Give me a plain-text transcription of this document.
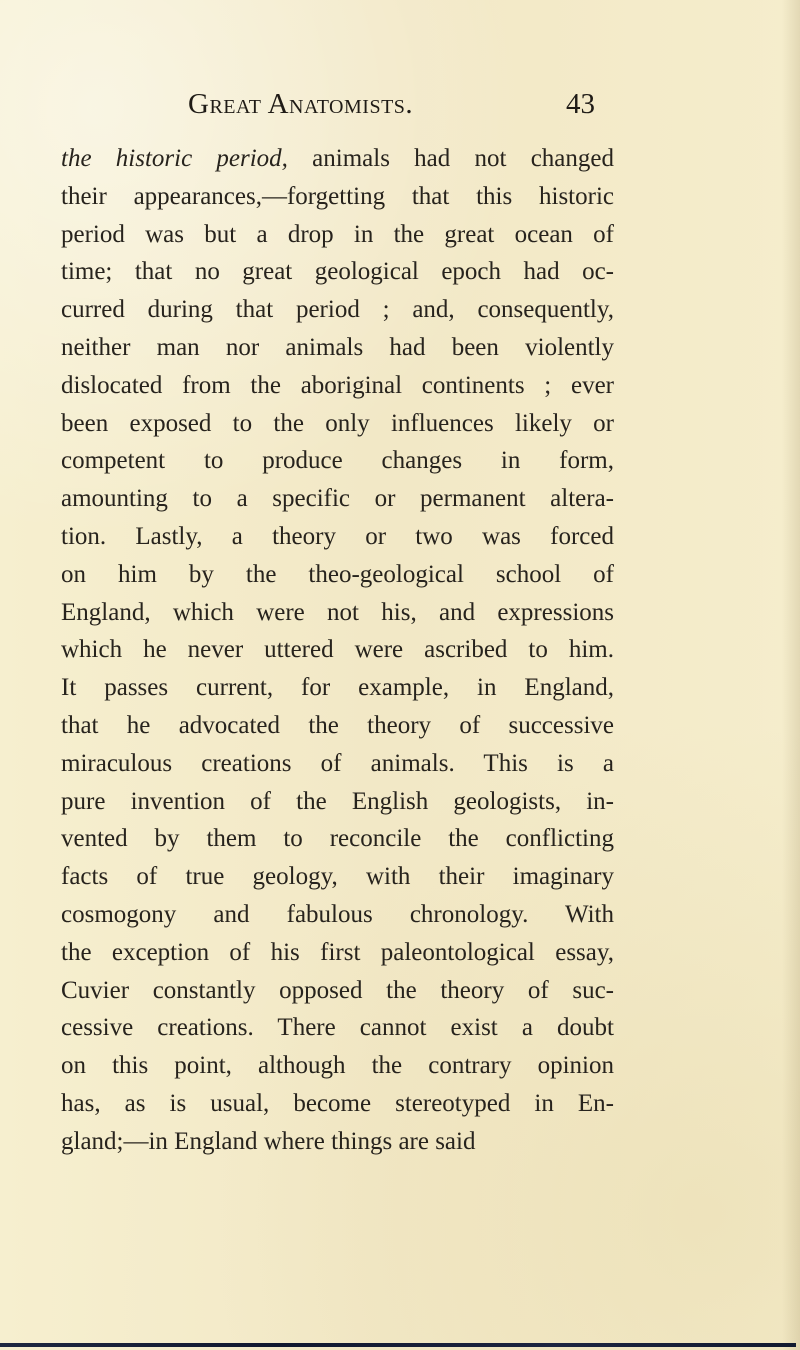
Great Anatomists.	43
the historic period, animals had not changed
their appearances,—forgetting that this historic
period was but a drop in the great ocean of
time; that no great geological epoch had oc-
curred during that period ; and, consequently,
neither man nor animals had been violently
dislocated from the aboriginal continents ; ever
been exposed to the only influences likely or
competent to produce changes in form,
amounting to a specific or permanent altera-
tion. Lastly, a theory or two was forced
on him by the theo-geological school of
England, which were not his, and expressions
which he never uttered were ascribed to him.
It passes current, for example, in England,
that he advocated the theory of successive
miraculous creations of animals. This is a
pure invention of the English geologists, in-
vented by them to reconcile the conflicting
facts of true geology, with their imaginary
cosmogony and fabulous chronology. With
the exception of his first paleontological essay,
Cuvier constantly opposed the theory of suc-
cessive creations. There cannot exist a doubt
on this point, although the contrary opinion
has, as is usual, become stereotyped in En-
gland;—in England where things are said
